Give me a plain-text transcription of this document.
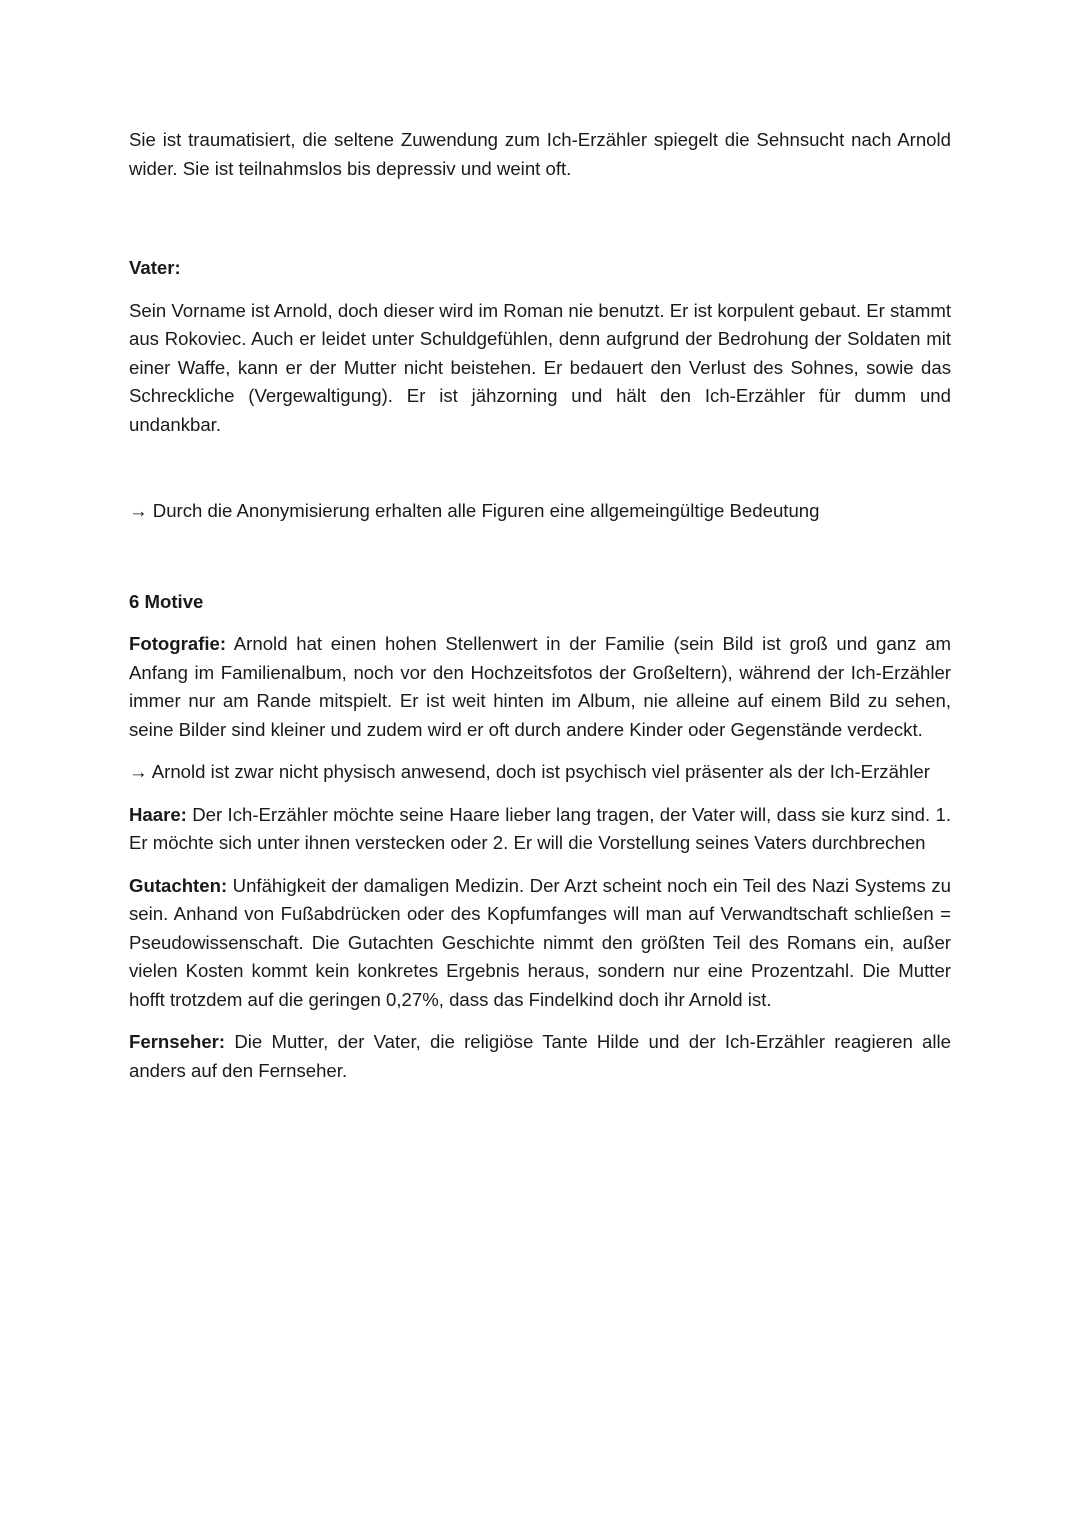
Sie ist traumatisiert, die seltene Zuwendung zum Ich-Erzähler spiegelt die Sehnsucht nach Arnold wider. Sie ist teilnahmslos bis depressiv und weint oft.

Vater:

Sein Vorname ist Arnold, doch dieser wird im Roman nie benutzt. Er ist korpulent gebaut. Er stammt aus Rokoviec. Auch er leidet unter Schuldgefühlen, denn aufgrund der Bedrohung der Soldaten mit einer Waffe, kann er der Mutter nicht beistehen. Er bedauert den Verlust des Sohnes, sowie das Schreckliche (Vergewaltigung). Er ist jähzorning und hält den Ich-Erzähler für dumm und undankbar.

→ Durch die Anonymisierung erhalten alle Figuren eine allgemeingültige Bedeutung

6 Motive

Fotografie: Arnold hat einen hohen Stellenwert in der Familie (sein Bild ist groß und ganz am Anfang im Familienalbum, noch vor den Hochzeitsfotos der Großeltern), während der Ich-Erzähler immer nur am Rande mitspielt. Er ist weit hinten im Album, nie alleine auf einem Bild zu sehen, seine Bilder sind kleiner und zudem wird er oft durch andere Kinder oder Gegenstände verdeckt.

→ Arnold ist zwar nicht physisch anwesend, doch ist psychisch viel präsenter als der Ich-Erzähler

Haare: Der Ich-Erzähler möchte seine Haare lieber lang tragen, der Vater will, dass sie kurz sind. 1. Er möchte sich unter ihnen verstecken oder 2. Er will die Vorstellung seines Vaters durchbrechen

Gutachten: Unfähigkeit der damaligen Medizin. Der Arzt scheint noch ein Teil des Nazi Systems zu sein. Anhand von Fußabdrücken oder des Kopfumfanges will man auf Verwandtschaft schließen = Pseudowissenschaft. Die Gutachten Geschichte nimmt den größten Teil des Romans ein, außer vielen Kosten kommt kein konkretes Ergebnis heraus, sondern nur eine Prozentzahl. Die Mutter hofft trotzdem auf die geringen 0,27%, dass das Findelkind doch ihr Arnold ist.

Fernseher: Die Mutter, der Vater, die religiöse Tante Hilde und der Ich-Erzähler reagieren alle anders auf den Fernseher.
